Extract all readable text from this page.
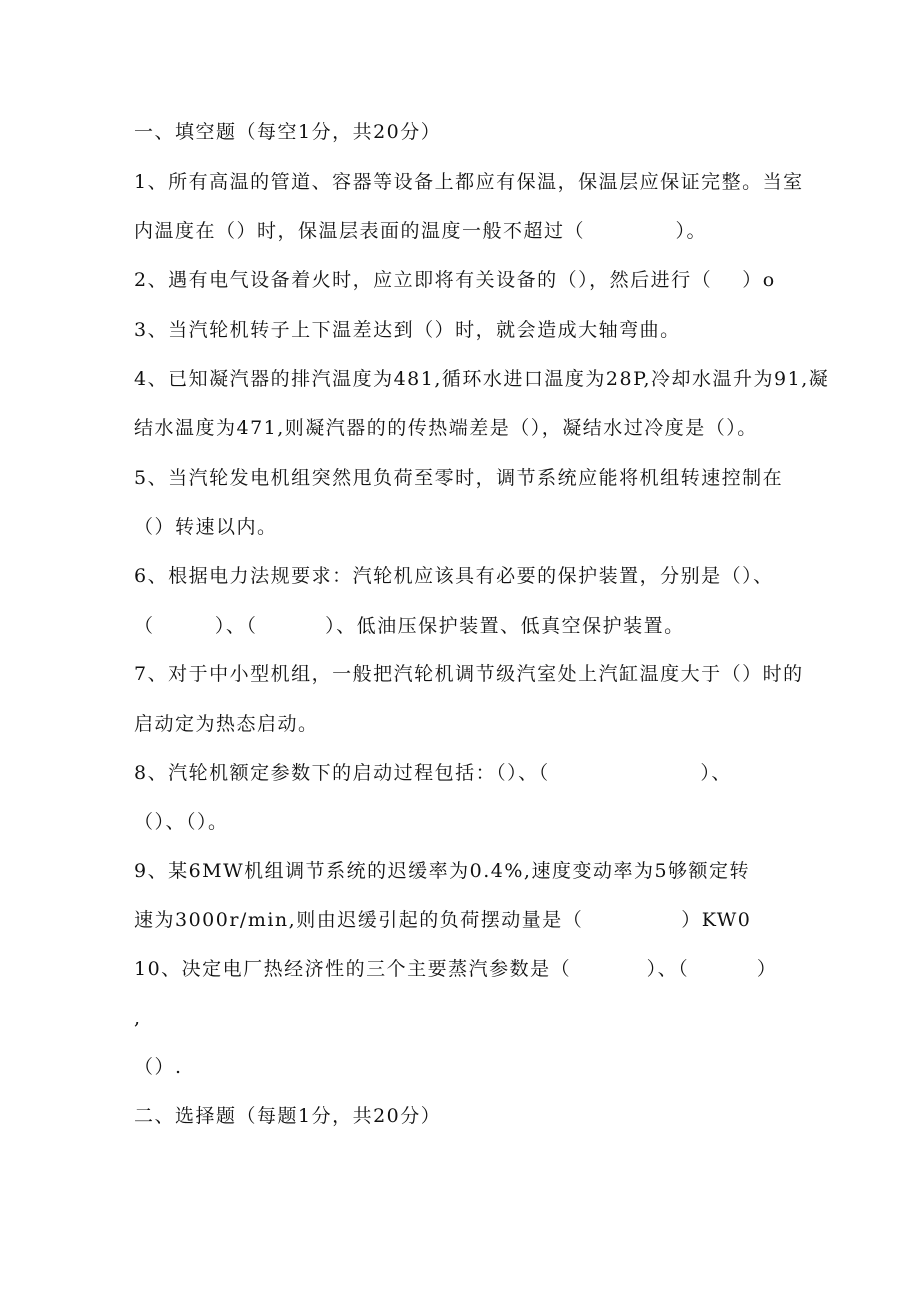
一、填空题（每空1分，共20分）
1、所有高温的管道、容器等设备上都应有保温，保温层应保证完整。当室
内温度在（）时，保温层表面的温度一般不超过（            ）。
2、遇有电气设备着火时，应立即将有关设备的（），然后进行（    ）o
3、当汽轮机转子上下温差达到（）时，就会造成大轴弯曲。
4、已知凝汽器的排汽温度为481,循环水进口温度为28P,冷却水温升为91,凝
结水温度为471,则凝汽器的的传热端差是（），凝结水过冷度是（）。
5、当汽轮发电机组突然甩负荷至零时，调节系统应能将机组转速控制在
（）转速以内。
6、根据电力法规要求：汽轮机应该具有必要的保护装置，分别是（）、
（        ）、（         ）、低油压保护装置、低真空保护装置。
7、对于中小型机组，一般把汽轮机调节级汽室处上汽缸温度大于（）时的
启动定为热态启动。
8、汽轮机额定参数下的启动过程包括：（）、（                    ）、
（）、（）。
9、某6MW机组调节系统的迟缓率为0.4%,速度变动率为5够额定转
速为3000r/min,则由迟缓引起的负荷摆动量是（             ）KW0
10、决定电厂热经济性的三个主要蒸汽参数是（          ）、（         ）
,
（）.
二、选择题（每题1分，共20分）
